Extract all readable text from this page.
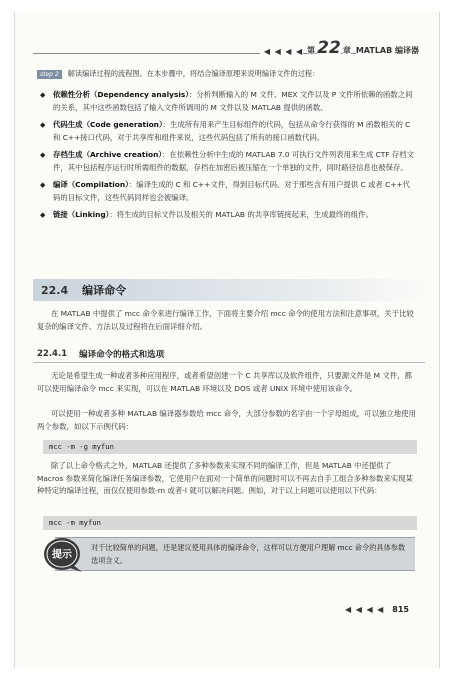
◀ ◀ ◀ ◀ 第 22 章 MATLAB 编译器
step 2	解读编译过程的流程图。在本步骤中，将结合编译原理来说明编译文件的过程：
◆	依赖性分析（Dependency analysis）：分析判断输入的 M 文件、MEX 文件以及 P 文件所依赖的函数之间的关系，其中这些函数包括了输入文件所调用的 M 文件以及 MATLAB 提供的函数。
◆	代码生成（Code generation）：生成所有用来产生目标组件的代码，包括从命令行获得的 M 函数相关的 C 和 C++接口代码，对于共享库和组件来说，这些代码包括了所有的接口函数代码。
◆	存档生成（Archive creation）：在依赖性分析中生成的 MATLAB 7.0 可执行文件列表用来生成 CTF 存档文件，其中包括程序运行时所需组件的数据，存档在加密后被压缩在一个单独的文件，同时路径信息也被保存。
◆	编译（Compilation）：编译生成的 C 和 C++文件，得到目标代码。对于那些含有用户提供 C 或者 C++代码的目标文件，这些代码同样也会被编译。
◆	链接（Linking）：将生成的目标文件以及相关的 MATLAB 的共享库链接起来，生成最终的组件。
22.4 编译命令

在 MATLAB 中提供了 mcc 命令来进行编译工作，下面将主要介绍 mcc 命令的使用方法和注意事项，关于比较复杂的编译文件、方法以及过程将在后面详细介绍。

22.4.1 编译命令的格式和选项

无论是希望生成一种或者多种应用程序，或者希望创建一个 C 共享库以及软件组件，只要源文件是 M 文件，都可以使用编译命令 mcc 来实现，可以在 MATLAB 环境以及 DOS 或者 UNIX 环境中使用该命令。

可以使用一种或者多种 MATLAB 编译器参数给 mcc 命令，大部分参数的名字由一个字母组成，可以独立地使用两个参数，如以下示例代码：

mcc -m -g myfun

除了以上命令格式之外，MATLAB 还提供了多种参数来实现不同的编译工作，但是 MATLAB 中还提供了 Macros 参数来简化编译任务编译参数，它使用户在面对一个简单的问题时可以不再去自手工组合多种参数来实现某种特定的编译过程，而仅仅使用参数-m 或者-l 就可以解决问题。例如，对于以上问题可以使用以下代码：

mcc -m myfun

对于比较简单的问题，还是建议使用具体的编译命令，这样可以方便用户理解 mcc 命令的具体参数选项含义。

提示
◀ ◀ ◀ ◀ 815
